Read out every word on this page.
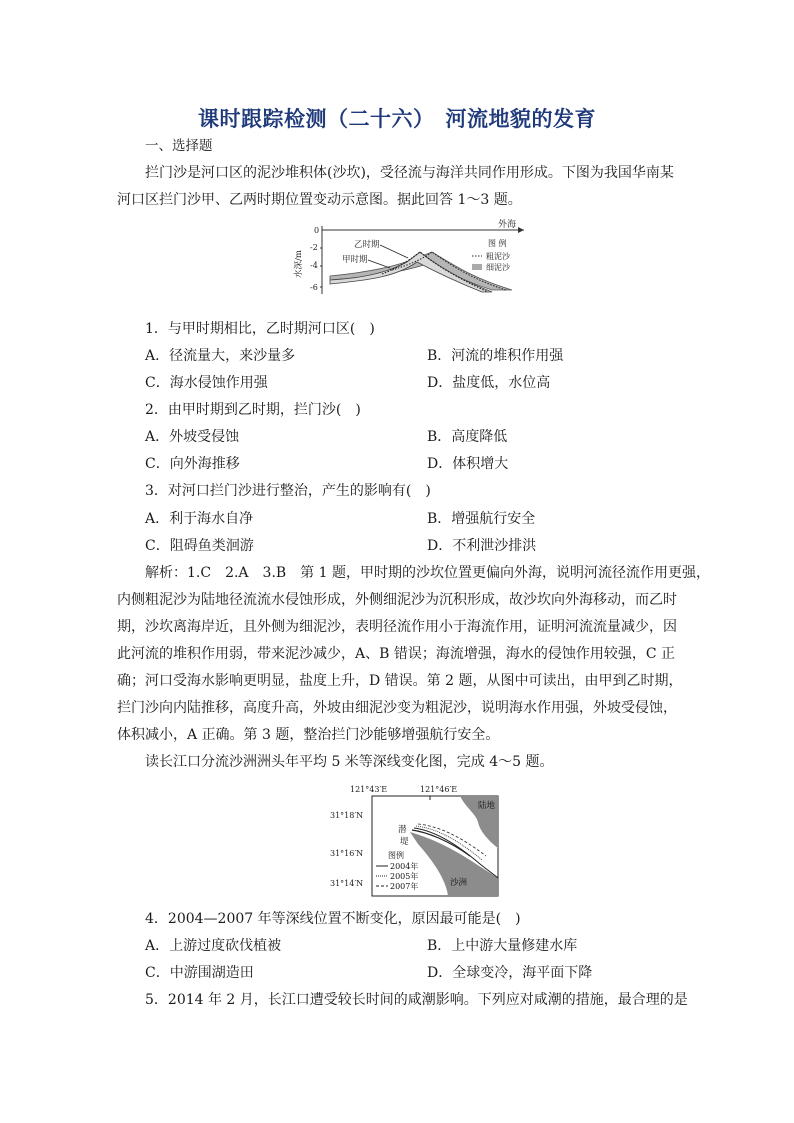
课时跟踪检测（二十六）　河流地貌的发育
一、选择题
拦门沙是河口区的泥沙堆积体(沙坎)，受径流与海洋共同作用形成。下图为我国华南某
河口区拦门沙甲、乙两时期位置变动示意图。据此回答 1～3 题。
外海
水深/m
0
-2
-4
-6
乙时期
甲时期
图 例
粗泥沙
细泥沙
1．与甲时期相比，乙时期河口区(　)
A．径流量大，来沙量多	B．河流的堆积作用强
C．海水侵蚀作用强	D．盐度低，水位高
2．由甲时期到乙时期，拦门沙(　)
A．外坡受侵蚀	B．高度降低
C．向外海推移	D．体积增大
3．对河口拦门沙进行整治，产生的影响有(　)
A．利于海水自净	B．增强航行安全
C．阻碍鱼类洄游	D．不利泄沙排洪
解析：1.C　2.A　3.B　第 1 题，甲时期的沙坎位置更偏向外海，说明河流径流作用更强，
内侧粗泥沙为陆地径流流水侵蚀形成，外侧细泥沙为沉积形成，故沙坎向外海移动，而乙时
期，沙坎离海岸近，且外侧为细泥沙，表明径流作用小于海流作用，证明河流流量减少，因
此河流的堆积作用弱，带来泥沙减少，A、B 错误；海流增强，海水的侵蚀作用较强，C 正
确；河口受海水影响更明显，盐度上升，D 错误。第 2 题，从图中可读出，由甲到乙时期，
拦门沙向内陆推移，高度升高，外坡由细泥沙变为粗泥沙，说明海水作用强，外坡受侵蚀，
体积减小，A 正确。第 3 题，整治拦门沙能够增强航行安全。
读长江口分流沙洲洲头年平均 5 米等深线变化图，完成 4～5 题。
121°43′E	121°46′E
陆地
沙洲
潜
堤
31°18′N
31°16′N
31°14′N
图例
2004年
2005年
2007年
4．2004—2007 年等深线位置不断变化，原因最可能是(　)
A．上游过度砍伐植被	B．上中游大量修建水库
C．中游围湖造田	D．全球变冷，海平面下降
5．2014 年 2 月，长江口遭受较长时间的咸潮影响。下列应对咸潮的措施，最合理的是
